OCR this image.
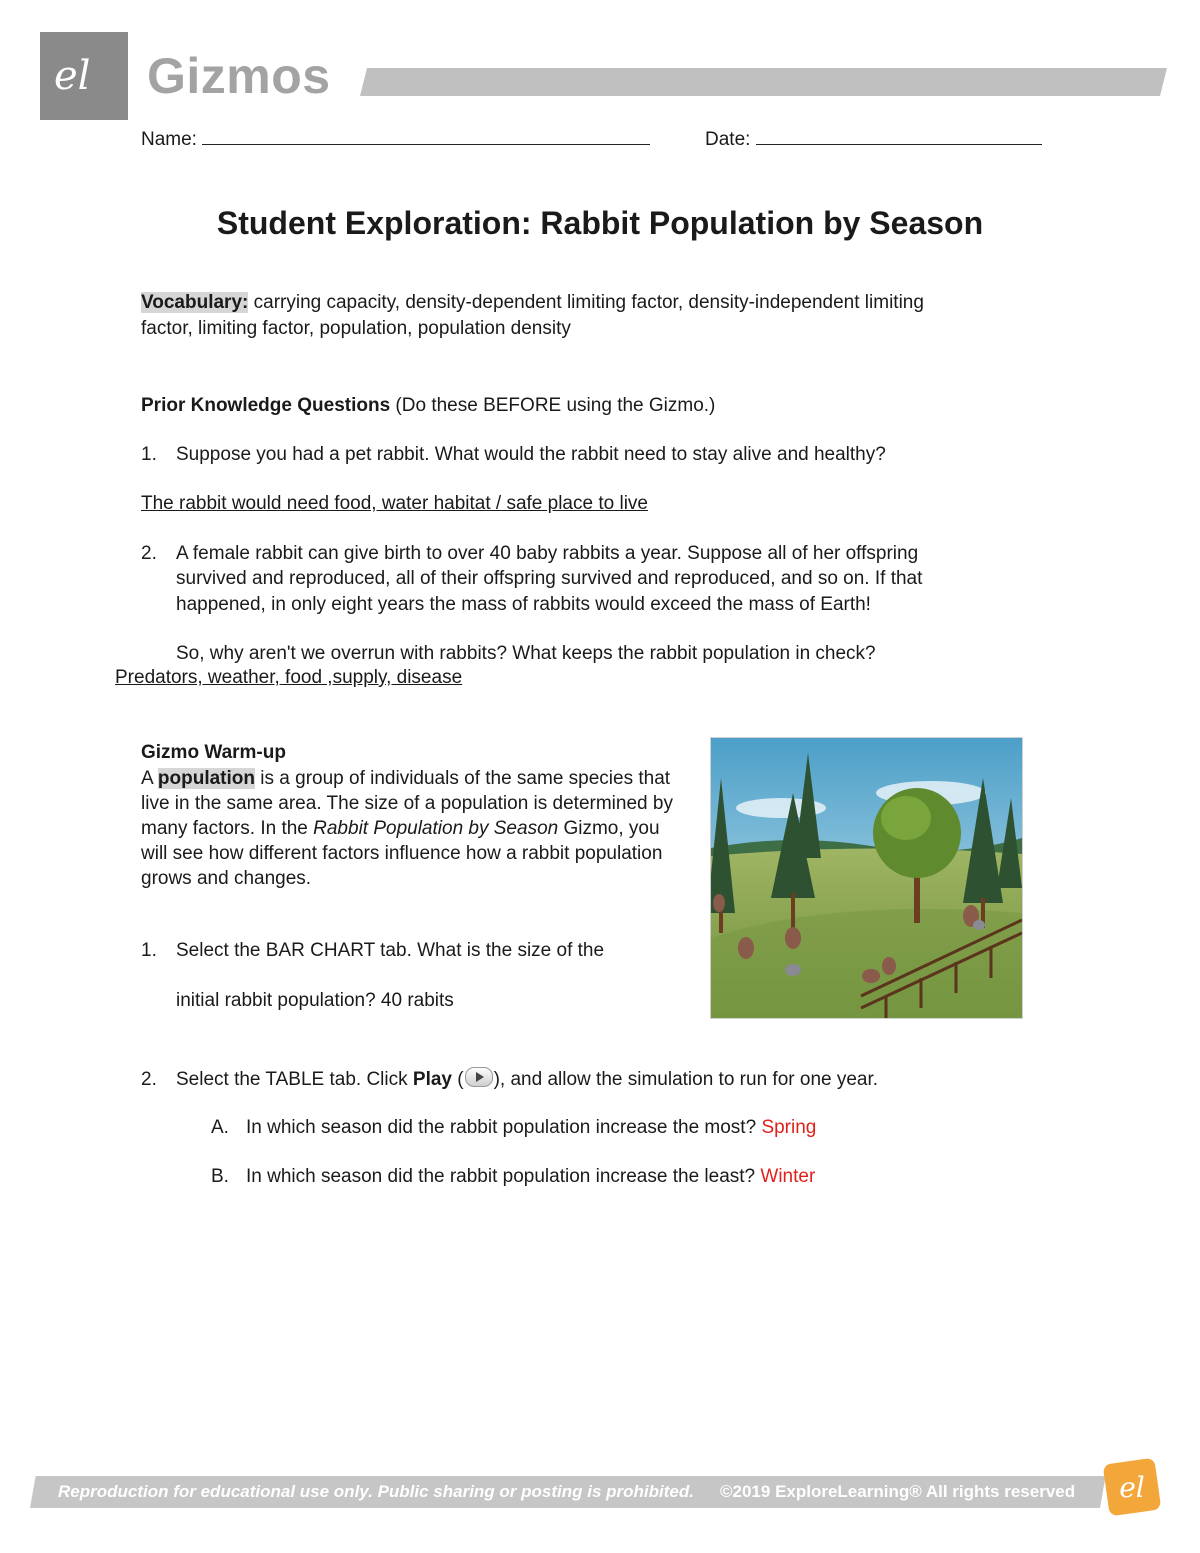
el Gizmos
Name:	Date:
Student Exploration: Rabbit Population by Season
Vocabulary: carrying capacity, density-dependent limiting factor, density-independent limiting
factor, limiting factor, population, population density
Prior Knowledge Questions (Do these BEFORE using the Gizmo.)
1. Suppose you had a pet rabbit. What would the rabbit need to stay alive and healthy?
The rabbit would need food, water habitat / safe place to live
2. A female rabbit can give birth to over 40 baby rabbits a year. Suppose all of her offspring
survived and reproduced, all of their offspring survived and reproduced, and so on. If that
happened, in only eight years the mass of rabbits would exceed the mass of Earth!
So, why aren't we overrun with rabbits? What keeps the rabbit population in check?
Predators, weather, food ,supply, disease
Gizmo Warm-up
A population is a group of individuals of the same species that live in the same area. The size of a population is determined by many factors. In the Rabbit Population by Season Gizmo, you will see how different factors influence how a rabbit population grows and changes.
1. Select the BAR CHART tab. What is the size of the
initial rabbit population? 40 rabits
2. Select the TABLE tab. Click Play ( ), and allow the simulation to run for one year.
A. In which season did the rabbit population increase the most? Spring
B. In which season did the rabbit population increase the least? Winter
Reproduction for educational use only. Public sharing or posting is prohibited. ©2019 ExploreLearning® All rights reserved el
